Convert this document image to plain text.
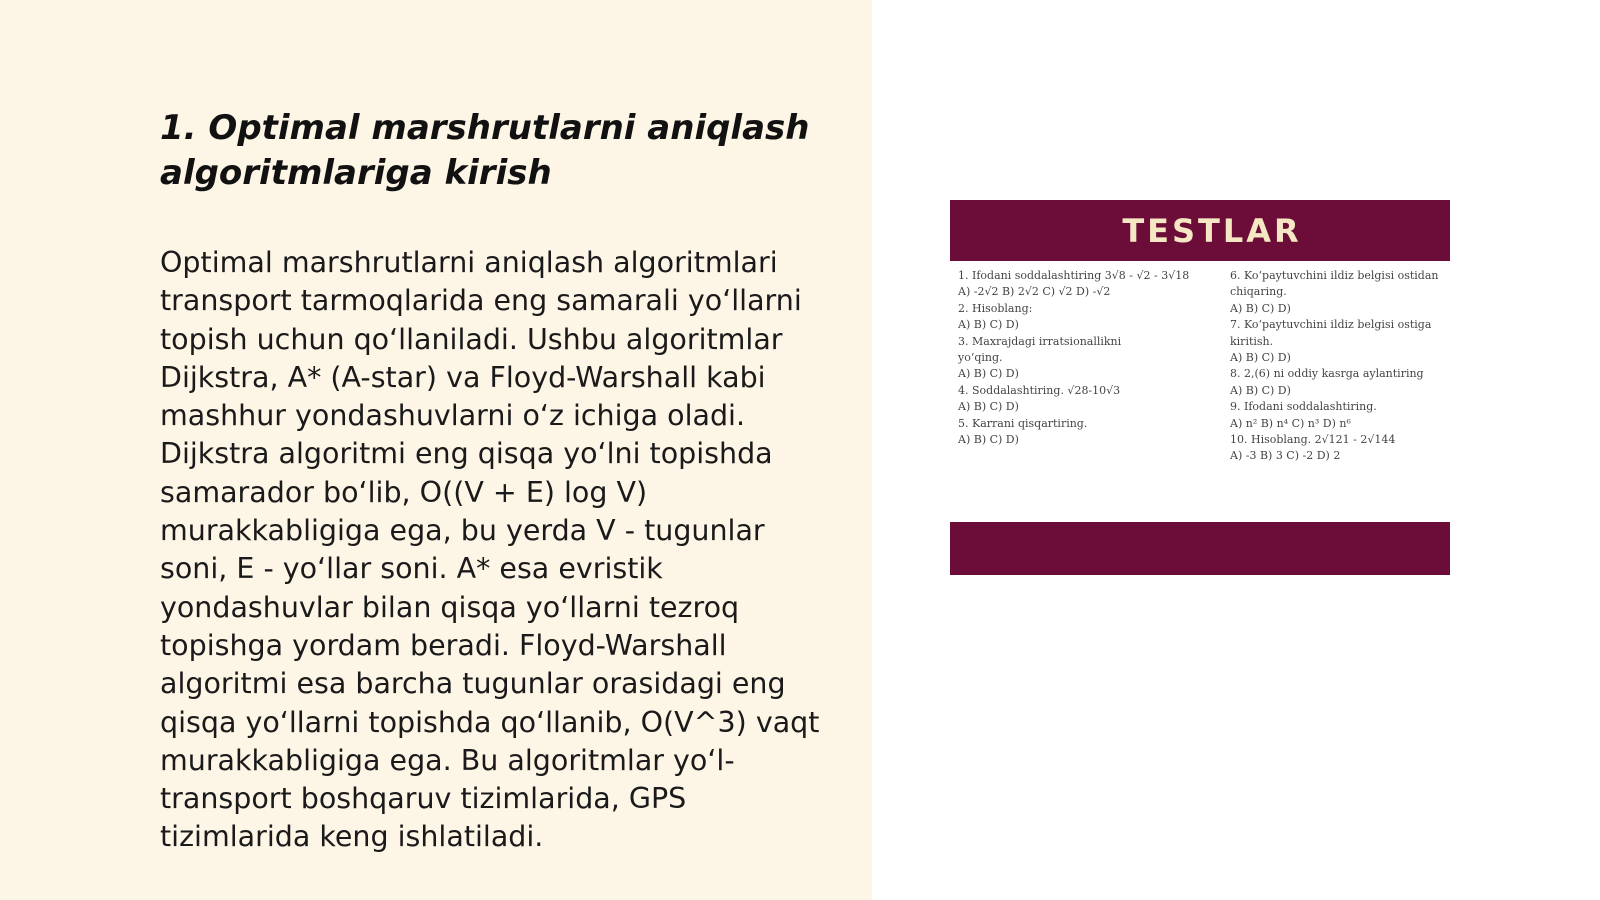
1. Optimal marshrutlarni aniqlash algoritmlariga kirish

Optimal marshrutlarni aniqlash algoritmlari transport tarmoqlarida eng samarali yo‘llarni topish uchun qo‘llaniladi. Ushbu algoritmlar Dijkstra, A* (A-star) va Floyd-Warshall kabi mashhur yondashuvlarni o‘z ichiga oladi. Dijkstra algoritmi eng qisqa yo‘lni topishda samarador bo‘lib, O((V + E) log V) murakkabligiga ega, bu yerda V - tugunlar soni, E - yo‘llar soni. A* esa evristik yondashuvlar bilan qisqa yo‘llarni tezroq topishga yordam beradi. Floyd-Warshall algoritmi esa barcha tugunlar orasidagi eng qisqa yo‘llarni topishda qo‘llanib, O(V^3) vaqt murakkabligiga ega. Bu algoritmlar yo‘l-transport boshqaruv tizimlarida, GPS tizimlarida keng ishlatiladi.

TESTLAR
1. Ifodani soddalashtiring 3√8 - √2 - 3√18
A) -2√2 B) 2√2 C) √2 D) -√2
2. Hisoblang:
A) B) C) D)
3. Maxrajdagi irratsionallikni
yo‘qing.
A) B) C) D)
4. Soddalashtiring. √28-10√3
A) B) C) D)
5. Karrani qisqartiring.
A) B) C) D)
6. Ko‘paytuvchini ildiz belgisi ostidan
chiqaring.
A) B) C) D)
7. Ko‘paytuvchini ildiz belgisi ostiga
kiritish.
A) B) C) D)
8. 2,(6) ni oddiy kasrga aylantiring
A) B) C) D)
9. Ifodani soddalashtiring.
A) n² B) n⁴ C) n³ D) n⁶
10. Hisoblang. 2√121 - 2√144
A) -3 B) 3 C) -2 D) 2
